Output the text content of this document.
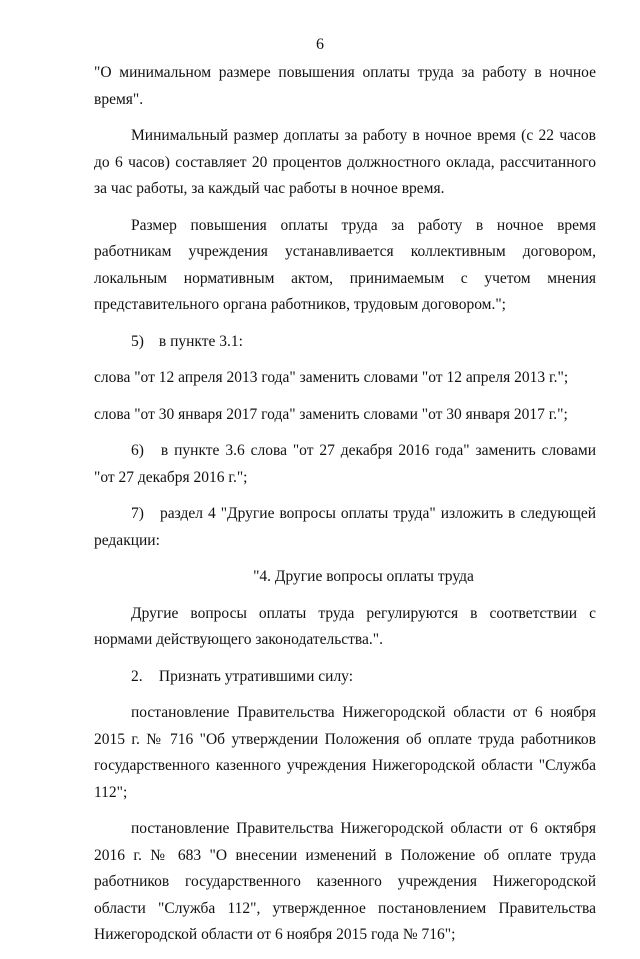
6

"О минимальном размере повышения оплаты труда за работу в ночное время".

Минимальный размер доплаты за работу в ночное время (с 22 часов до 6 часов) составляет 20 процентов должностного оклада, рассчитанного за час работы, за каждый час работы в ночное время.

Размер повышения оплаты труда за работу в ночное время работникам учреждения устанавливается коллективным договором, локальным нормативным актом, принимаемым с учетом мнения представительного органа работников, трудовым договором.";

5) в пункте 3.1:

слова "от 12 апреля 2013 года" заменить словами "от 12 апреля 2013 г.";

слова "от 30 января 2017 года" заменить словами "от 30 января 2017 г.";

6) в пункте 3.6 слова "от 27 декабря 2016 года" заменить словами "от 27 декабря 2016 г.";

7) раздел 4 "Другие вопросы оплаты труда" изложить в следующей редакции:

"4. Другие вопросы оплаты труда

Другие вопросы оплаты труда регулируются в соответствии с нормами действующего законодательства.".

2. Признать утратившими силу:

постановление Правительства Нижегородской области от 6 ноября 2015 г. № 716 "Об утверждении Положения об оплате труда работников государственного казенного учреждения Нижегородской области "Служба 112";

постановление Правительства Нижегородской области от 6 октября 2016 г. № 683 "О внесении изменений в Положение об оплате труда работников государственного казенного учреждения Нижегородской области "Служба 112", утвержденное постановлением Правительства Нижегородской области от 6 ноября 2015 года № 716";
